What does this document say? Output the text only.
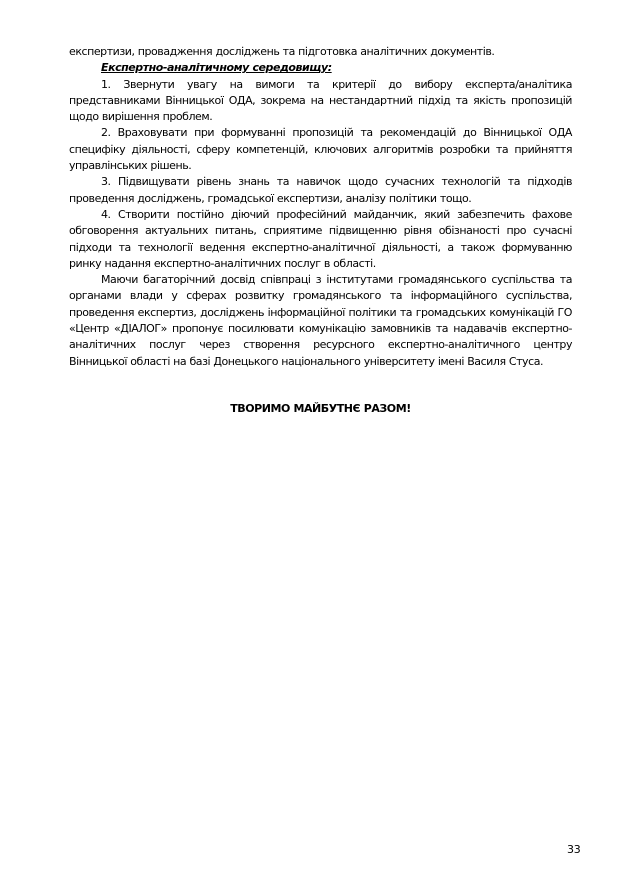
експертизи, провадження досліджень та підготовка аналітичних документів.

Експертно-аналітичному середовищу:

1. Звернути увагу на вимоги та критерії до вибору експерта/аналітика представниками Вінницької ОДА, зокрема на нестандартний підхід та якість пропозицій щодо вирішення проблем.

2. Враховувати при формуванні пропозицій та рекомендацій до Вінницької ОДА специфіку діяльності, сферу компетенцій, ключових алгоритмів розробки та прийняття управлінських рішень.

3. Підвищувати рівень знань та навичок щодо сучасних технологій та підходів проведення досліджень, громадської експертизи, аналізу політики тощо.

4. Створити постійно діючий професійний майданчик, який забезпечить фахове обговорення актуальних питань, сприятиме підвищенню рівня обізнаності про сучасні підходи та технології ведення експертно-аналітичної діяльності, а також формуванню ринку надання експертно-аналітичних послуг в області.

Маючи багаторічний досвід співпраці з інститутами громадянського суспільства та органами влади у сферах розвитку громадянського та інформаційного суспільства, проведення експертиз, досліджень інформаційної політики та громадських комунікацій ГО «Центр «ДІАЛОГ» пропонує посилювати комунікацію замовників та надавачів експертно-аналітичних послуг через створення ресурсного експертно-аналітичного центру Вінницької області на базі Донецького національного університету імені Василя Стуса.

ТВОРИМО МАЙБУТНЄ РАЗОМ!

33
